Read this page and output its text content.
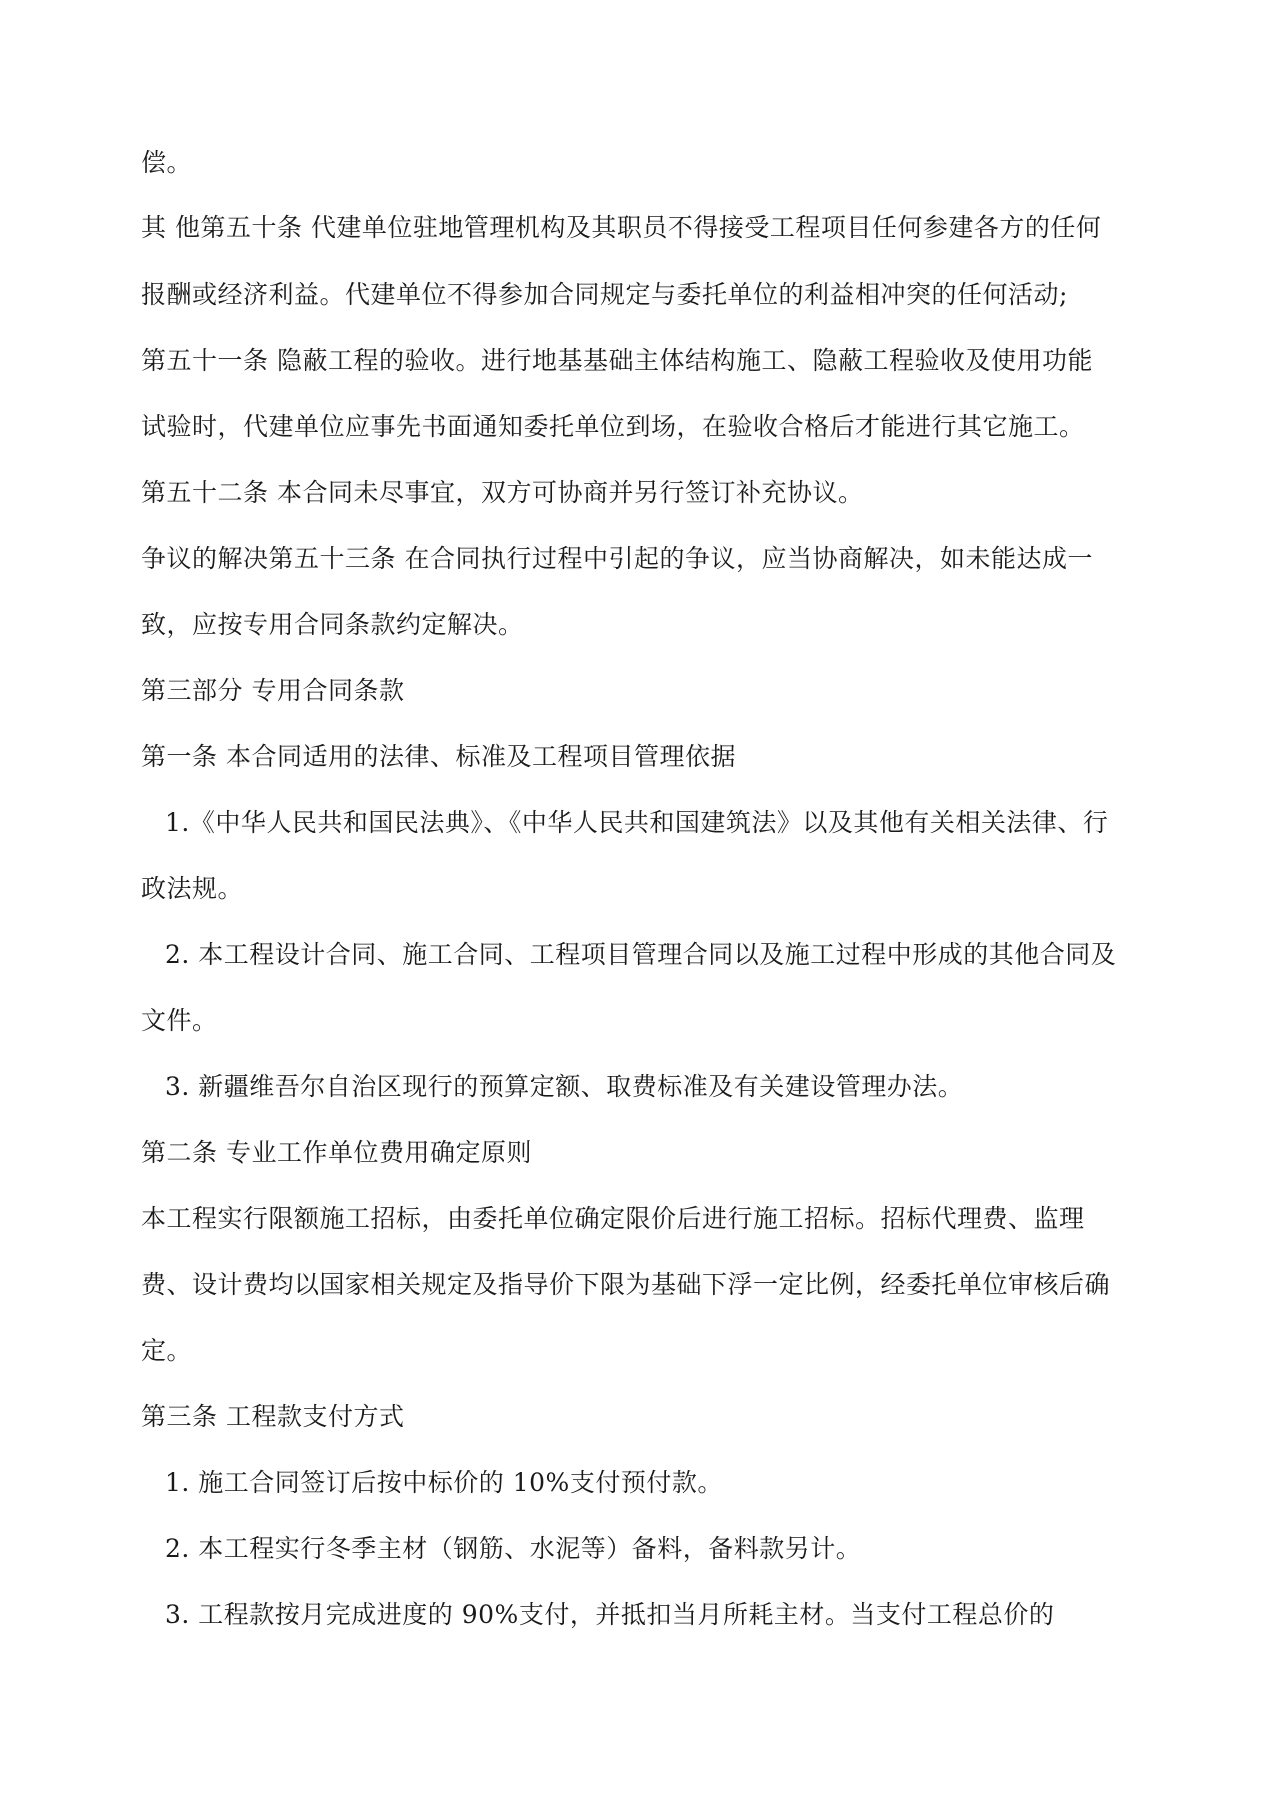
偿。
其 他第五十条 代建单位驻地管理机构及其职员不得接受工程项目任何参建各方的任何
报酬或经济利益。代建单位不得参加合同规定与委托单位的利益相冲突的任何活动;
第五十一条 隐蔽工程的验收。进行地基基础主体结构施工、隐蔽工程验收及使用功能
试验时，代建单位应事先书面通知委托单位到场，在验收合格后才能进行其它施工。
第五十二条 本合同未尽事宜，双方可协商并另行签订补充协议。
争议的解决第五十三条 在合同执行过程中引起的争议，应当协商解决，如未能达成一
致，应按专用合同条款约定解决。
第三部分 专用合同条款
第一条 本合同适用的法律、标准及工程项目管理依据
1.《中华人民共和国民法典》、《中华人民共和国建筑法》以及其他有关相关法律、行
政法规。
2. 本工程设计合同、施工合同、工程项目管理合同以及施工过程中形成的其他合同及
文件。
3. 新疆维吾尔自治区现行的预算定额、取费标准及有关建设管理办法。
第二条 专业工作单位费用确定原则
本工程实行限额施工招标，由委托单位确定限价后进行施工招标。招标代理费、监理
费、设计费均以国家相关规定及指导价下限为基础下浮一定比例，经委托单位审核后确
定。
第三条 工程款支付方式
1. 施工合同签订后按中标价的 10%支付预付款。
2. 本工程实行冬季主材（钢筋、水泥等）备料，备料款另计。
3. 工程款按月完成进度的 90%支付，并抵扣当月所耗主材。当支付工程总价的
